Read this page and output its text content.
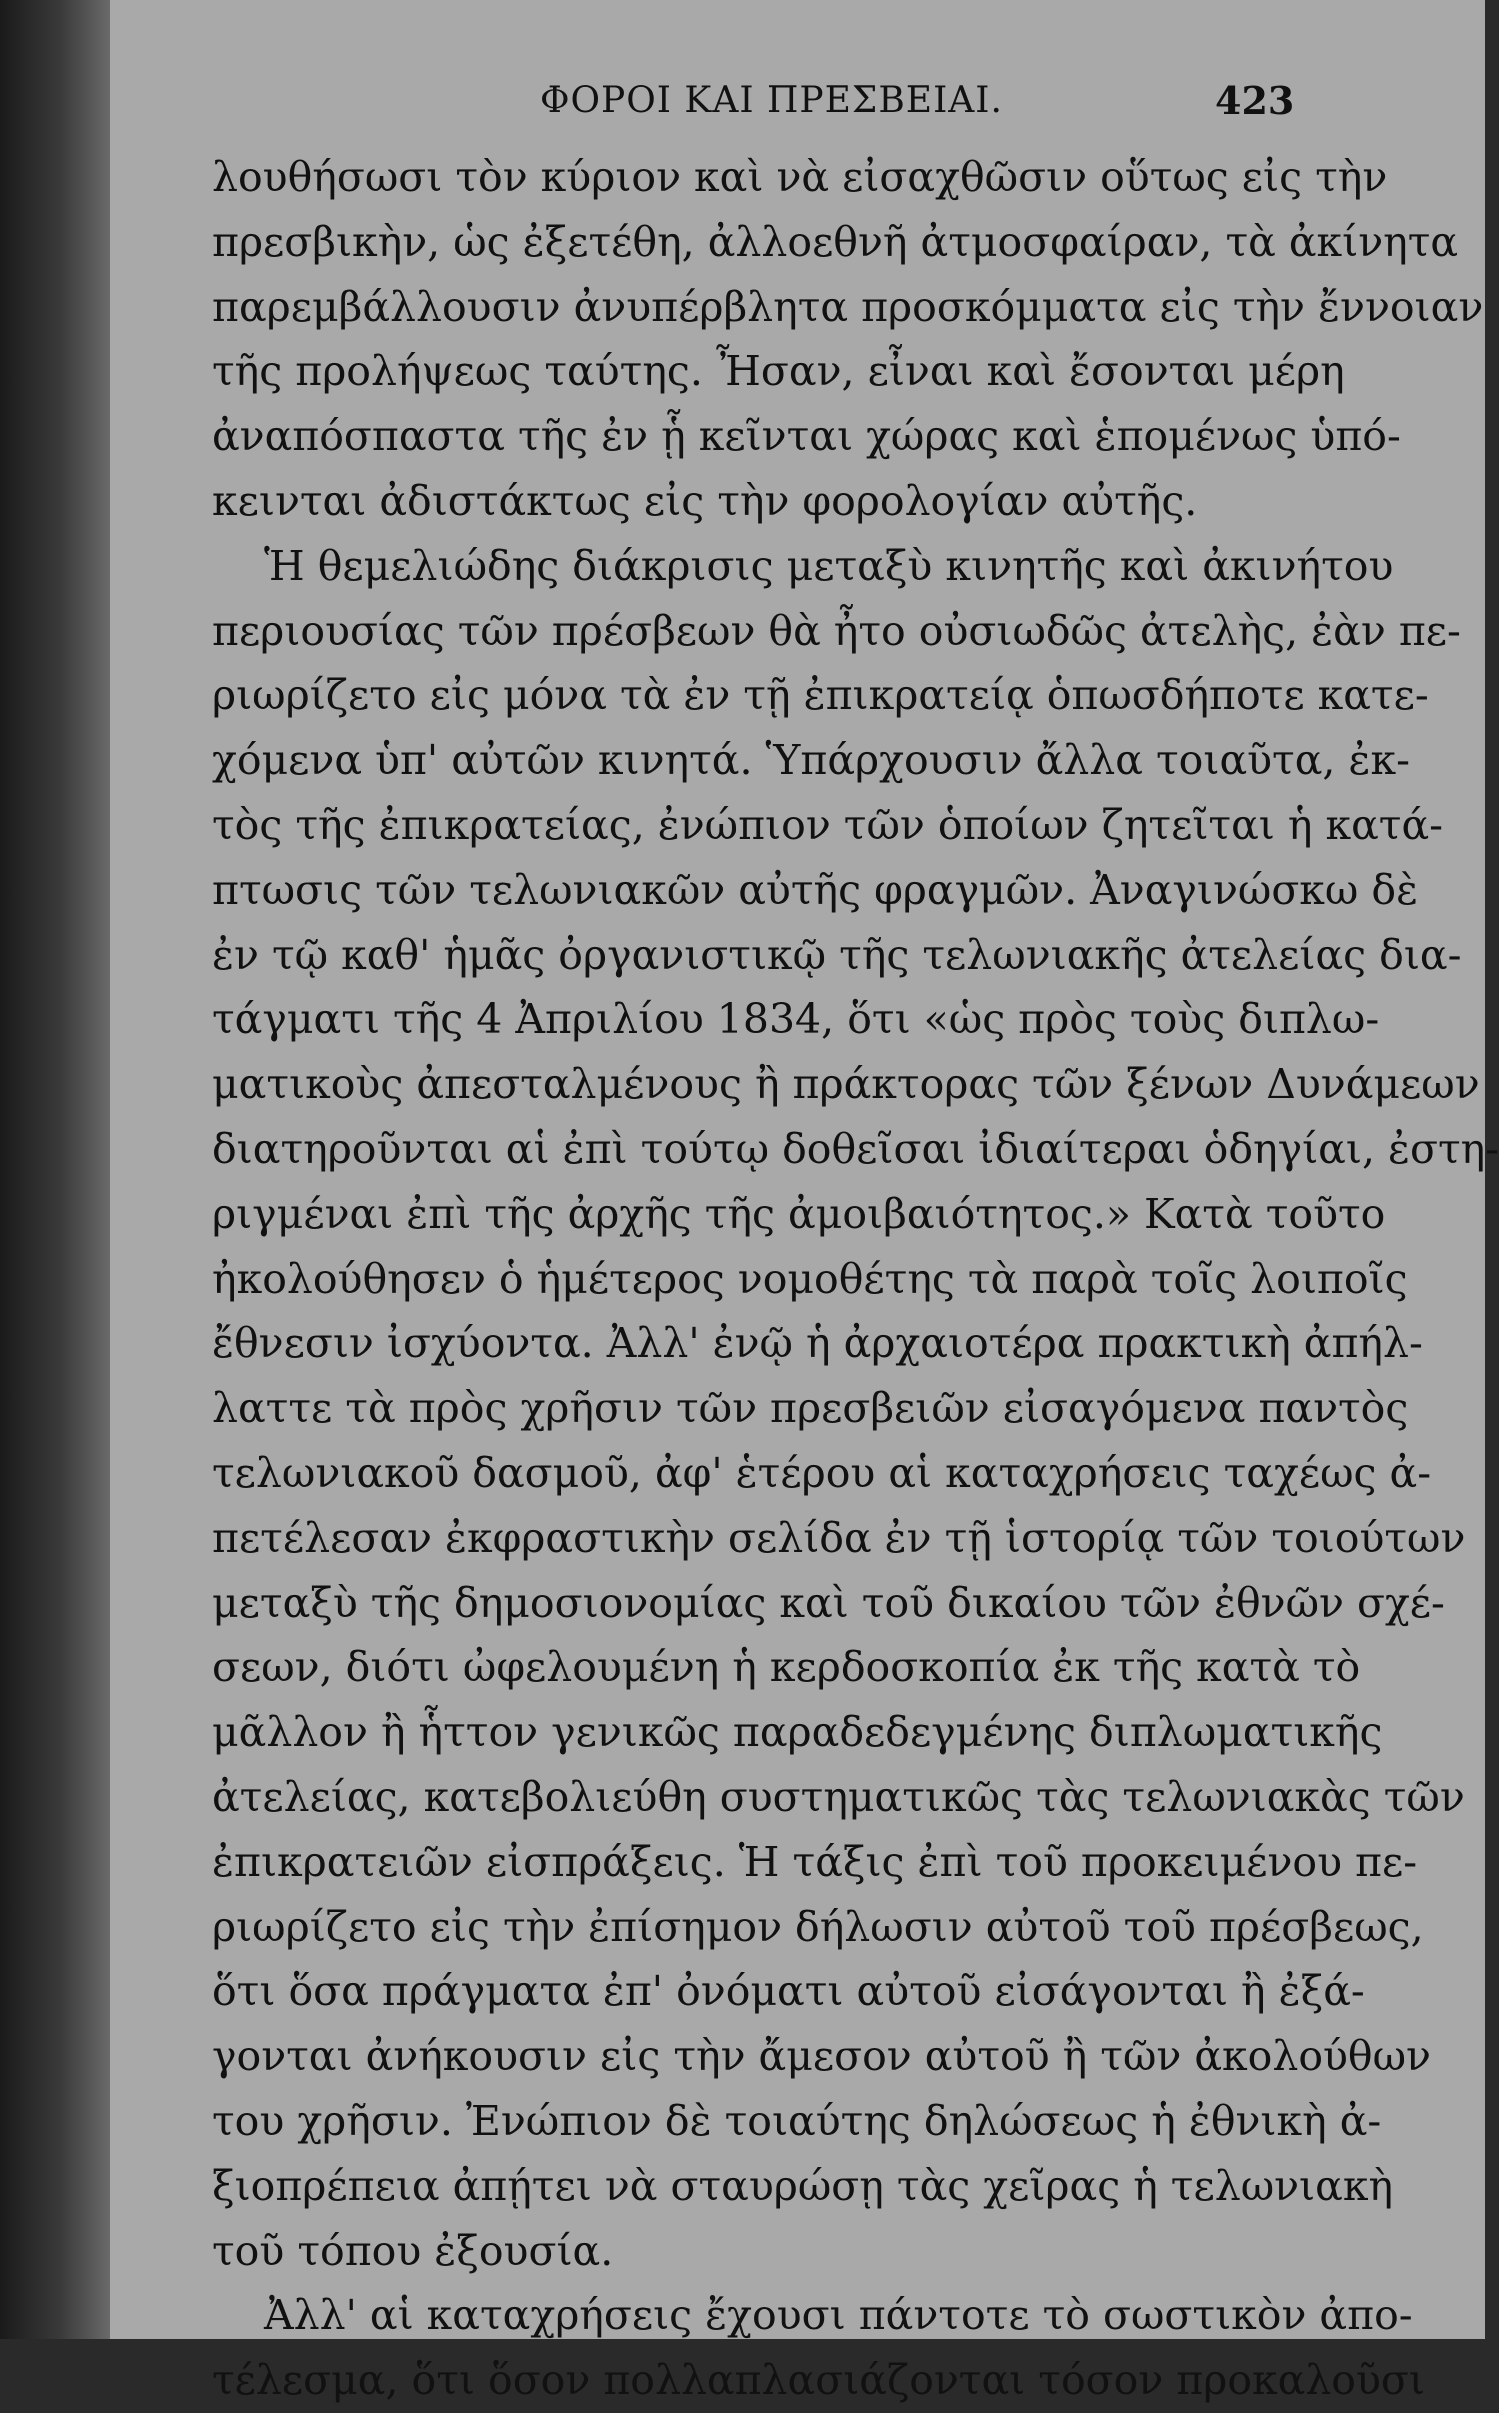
ΦΟΡΟΙ ΚΑΙ ΠΡΕΣΒΕΙΑΙ.	423
λουθήσωσι τὸν κύριον καὶ νὰ εἰσαχθῶσιν οὕτως εἰς τὴν
πρεσβικὴν, ὡς ἐξετέθη, ἀλλοεθνῆ ἀτμοσφαίραν, τὰ ἀκίνητα
παρεμβάλλουσιν ἀνυπέρβλητα προσκόμματα εἰς τὴν ἔννοιαν
τῆς προλήψεως ταύτης. Ἦσαν, εἶναι καὶ ἔσονται μέρη
ἀναπόσπαστα τῆς ἐν ᾗ κεῖνται χώρας καὶ ἑπομένως ὑπό-
κεινται ἀδιστάκτως εἰς τὴν φορολογίαν αὐτῆς.
Ἡ θεμελιώδης διάκρισις μεταξὺ κινητῆς καὶ ἀκινήτου
περιουσίας τῶν πρέσβεων θὰ ἦτο οὐσιωδῶς ἀτελὴς, ἐὰν πε-
ριωρίζετο εἰς μόνα τὰ ἐν τῇ ἐπικρατείᾳ ὁπωσδήποτε κατε-
χόμενα ὑπ' αὐτῶν κινητά. Ὑπάρχουσιν ἄλλα τοιαῦτα, ἐκ-
τὸς τῆς ἐπικρατείας, ἐνώπιον τῶν ὁποίων ζητεῖται ἡ κατά-
πτωσις τῶν τελωνιακῶν αὐτῆς φραγμῶν. Ἀναγινώσκω δὲ
ἐν τῷ καθ' ἡμᾶς ὀργανιστικῷ τῆς τελωνιακῆς ἀτελείας δια-
τάγματι τῆς 4 Ἀπριλίου 1834, ὅτι «ὡς πρὸς τοὺς διπλω-
ματικοὺς ἀπεσταλμένους ἢ πράκτορας τῶν ξένων Δυνάμεων
διατηροῦνται αἱ ἐπὶ τούτῳ δοθεῖσαι ἰδιαίτεραι ὁδηγίαι, ἐστη-
ριγμέναι ἐπὶ τῆς ἀρχῆς τῆς ἀμοιβαιότητος.» Κατὰ τοῦτο
ἠκολούθησεν ὁ ἡμέτερος νομοθέτης τὰ παρὰ τοῖς λοιποῖς
ἔθνεσιν ἰσχύοντα. Ἀλλ' ἐνῷ ἡ ἀρχαιοτέρα πρακτικὴ ἀπήλ-
λαττε τὰ πρὸς χρῆσιν τῶν πρεσβειῶν εἰσαγόμενα παντὸς
τελωνιακοῦ δασμοῦ, ἀφ' ἑτέρου αἱ καταχρήσεις ταχέως ἀ-
πετέλεσαν ἐκφραστικὴν σελίδα ἐν τῇ ἱστορίᾳ τῶν τοιούτων
μεταξὺ τῆς δημοσιονομίας καὶ τοῦ δικαίου τῶν ἐθνῶν σχέ-
σεων, διότι ὠφελουμένη ἡ κερδοσκοπία ἐκ τῆς κατὰ τὸ
μᾶλλον ἢ ἧττον γενικῶς παραδεδεγμένης διπλωματικῆς
ἀτελείας, κατεβολιεύθη συστηματικῶς τὰς τελωνιακὰς τῶν
ἐπικρατειῶν εἰσπράξεις. Ἡ τάξις ἐπὶ τοῦ προκειμένου πε-
ριωρίζετο εἰς τὴν ἐπίσημον δήλωσιν αὐτοῦ τοῦ πρέσβεως,
ὅτι ὅσα πράγματα ἐπ' ὀνόματι αὐτοῦ εἰσάγονται ἢ ἐξά-
γονται ἀνήκουσιν εἰς τὴν ἄμεσον αὐτοῦ ἢ τῶν ἀκολούθων
του χρῆσιν. Ἐνώπιον δὲ τοιαύτης δηλώσεως ἡ ἐθνικὴ ἀ-
ξιοπρέπεια ἀπῄτει νὰ σταυρώσῃ τὰς χεῖρας ἡ τελωνιακὴ
τοῦ τόπου ἐξουσία.
Ἀλλ' αἱ καταχρήσεις ἔχουσι πάντοτε τὸ σωστικὸν ἀπο-
τέλεσμα, ὅτι ὅσον πολλαπλασιάζονται τόσον προκαλοῦσι
